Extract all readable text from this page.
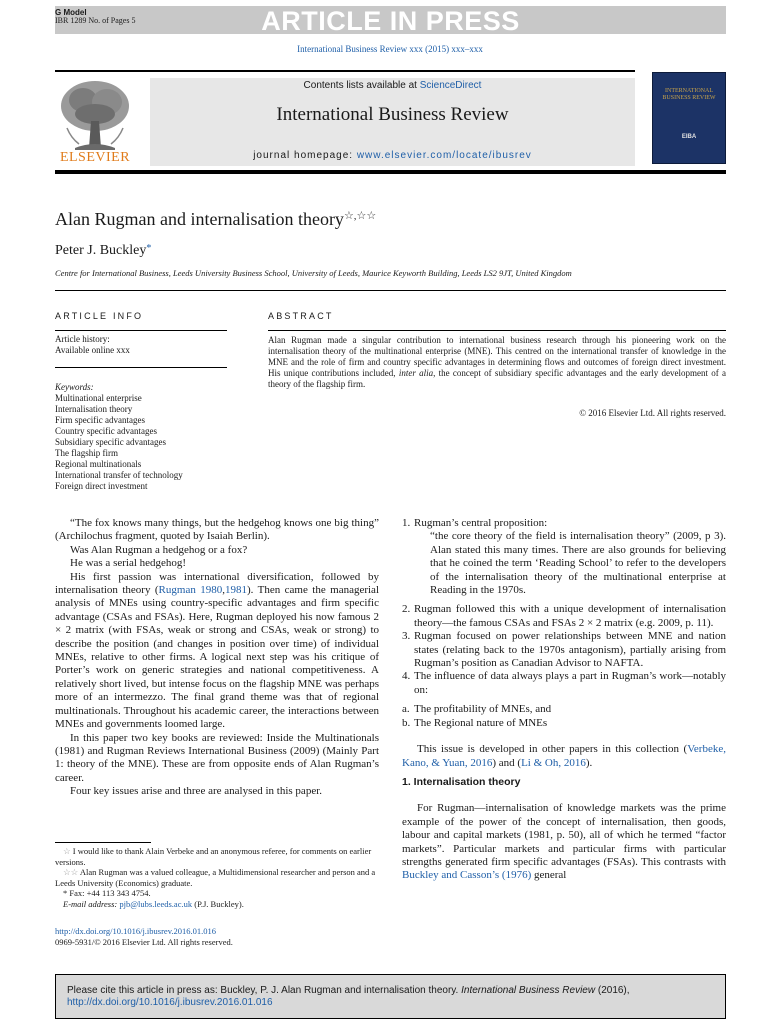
ARTICLE IN PRESS
G Model
IBR 1289 No. of Pages 5
International Business Review xxx (2015) xxx–xxx
Contents lists available at ScienceDirect
International Business Review
journal homepage: www.elsevier.com/locate/ibusrev
ELSEVIER
INTERNATIONAL BUSINESS REVIEW
EIBA
Alan Rugman and internalisation theory☆,☆☆
Peter J. Buckley*
Centre for International Business, Leeds University Business School, University of Leeds, Maurice Keyworth Building, Leeds LS2 9JT, United Kingdom
ARTICLE INFO
Article history:
Available online xxx
Keywords:
Multinational enterprise
Internalisation theory
Firm specific advantages
Country specific advantages
Subsidiary specific advantages
The flagship firm
Regional multinationals
International transfer of technology
Foreign direct investment
ABSTRACT
Alan Rugman made a singular contribution to international business research through his pioneering work on the internalisation theory of the multinational enterprise (MNE). This centred on the international transfer of knowledge in the MNE and the role of firm and country specific advantages in determining flows and outcomes of foreign direct investment. His unique contributions included, inter alia, the concept of subsidiary specific advantages and the early development of a theory of the flagship firm.
© 2016 Elsevier Ltd. All rights reserved.

“The fox knows many things, but the hedgehog knows one big thing” (Archilochus fragment, quoted by Isaiah Berlin).

Was Alan Rugman a hedgehog or a fox?

He was a serial hedgehog!

His first passion was international diversification, followed by internalisation theory (Rugman 1980,1981). Then came the managerial analysis of MNEs using country-specific advantages and firm specific advantage (CSAs and FSAs). Here, Rugman deployed his now famous 2 × 2 matrix (with FSAs, weak or strong and CSAs, weak or strong) to describe the position (and changes in position over time) of individual MNEs, relative to other firms. A logical next step was his critique of Porter’s work on generic strategies and national competitiveness. A relatively short lived, but intense focus on the flagship MNE was perhaps more of an intermezzo. The final grand theme was that of regional multinationals. Throughout his academic career, the interactions between MNEs and governments loomed large.

In this paper two key books are reviewed: Inside the Multinationals (1981) and Rugman Reviews International Business (2009) (Mainly Part 1: theory of the MNE). These are from opposite ends of Alan Rugman’s career.

Four key issues arise and three are analysed in this paper.

1. Rugman’s central proposition:

“the core theory of the field is internalisation theory” (2009, p 3). Alan stated this many times. There are also grounds for believing that he coined the term ‘Reading School’ to refer to the developers of the internalisation theory of the multinational enterprise at Reading in the 1970s.

2. Rugman followed this with a unique development of internalisation theory—the famous CSAs and FSAs 2 × 2 matrix (e.g. 2009, p. 11).
3. Rugman focused on power relationships between MNE and nation states (relating back to the 1970s antagonism), partially arising from Rugman’s position as Canadian Advisor to NAFTA.
4. The influence of data always plays a part in Rugman’s work—notably on:
a. The profitability of MNEs, and
b. The Regional nature of MNEs

This issue is developed in other papers in this collection (Verbeke, Kano, & Yuan, 2016) and (Li & Oh, 2016).

1. Internalisation theory

For Rugman—internalisation of knowledge markets was the prime example of the power of the concept of internalisation, then goods, labour and capital markets (1981, p. 50), all of which he termed “factor markets”. Particular markets and particular firms with particular strengths generated firm specific advantages (FSAs). This contrasts with Buckley and Casson’s (1976) general

☆ I would like to thank Alain Verbeke and an anonymous referee, for comments on earlier versions.

☆☆ Alan Rugman was a valued colleague, a Multidimensional researcher and person and a Leeds University (Economics) graduate.

* Fax: +44 113 343 4754.

E-mail address: pjb@lubs.leeds.ac.uk (P.J. Buckley).

http://dx.doi.org/10.1016/j.ibusrev.2016.01.016
0969-5931/© 2016 Elsevier Ltd. All rights reserved.
Please cite this article in press as: Buckley, P. J. Alan Rugman and internalisation theory. International Business Review (2016), http://dx.doi.org/10.1016/j.ibusrev.2016.01.016
